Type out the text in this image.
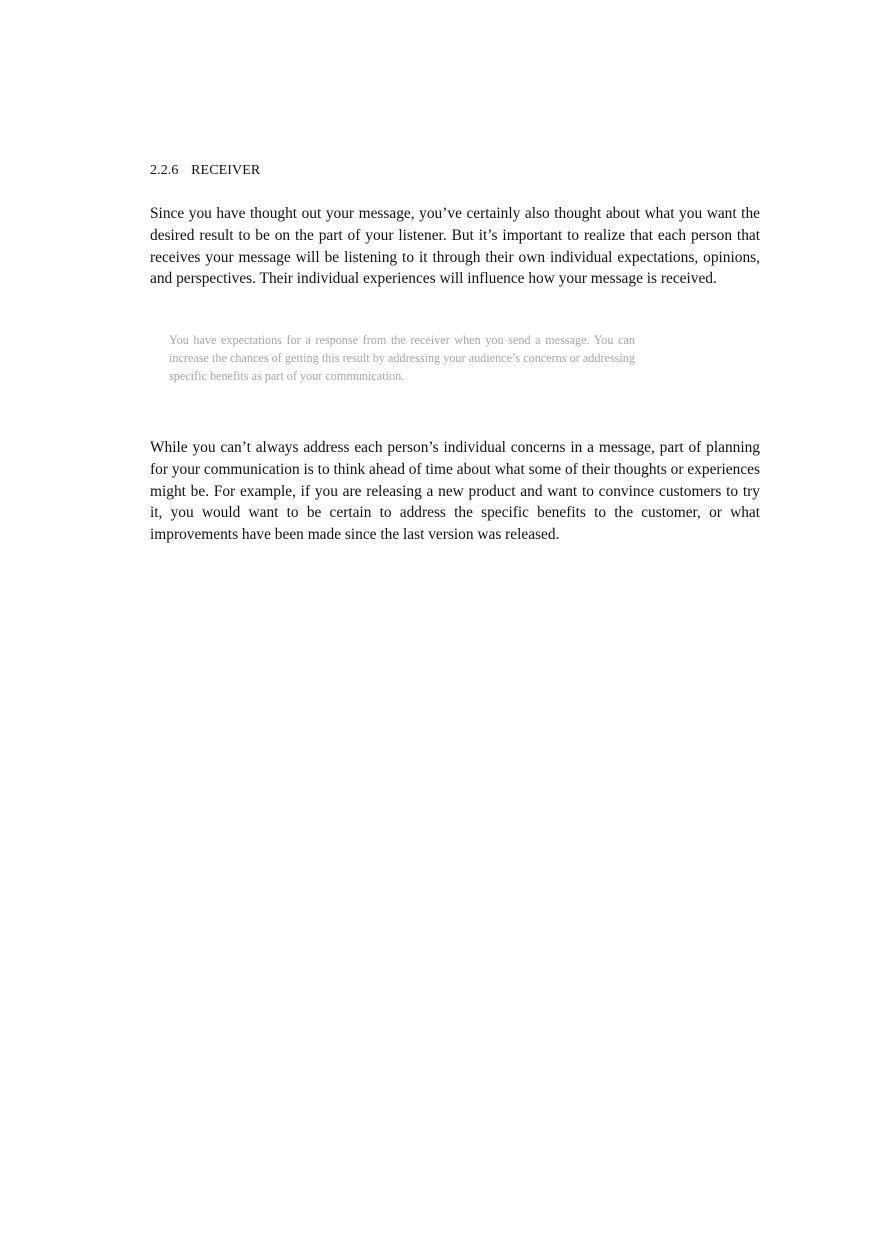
2.2.6 RECEIVER

Since you have thought out your message, you’ve certainly also thought about what you want the desired result to be on the part of your listener. But it’s important to realize that each person that receives your message will be listening to it through their own individual expectations, opinions, and perspectives. Their individual experiences will influence how your message is received.

You have expectations for a response from the receiver when you send a message. You can increase the chances of getting this result by addressing your audience’s concerns or addressing specific benefits as part of your communication.

While you can’t always address each person’s individual concerns in a message, part of planning for your communication is to think ahead of time about what some of their thoughts or experiences might be. For example, if you are releasing a new product and want to convince customers to try it, you would want to be certain to address the specific benefits to the customer, or what improvements have been made since the last version was released.
